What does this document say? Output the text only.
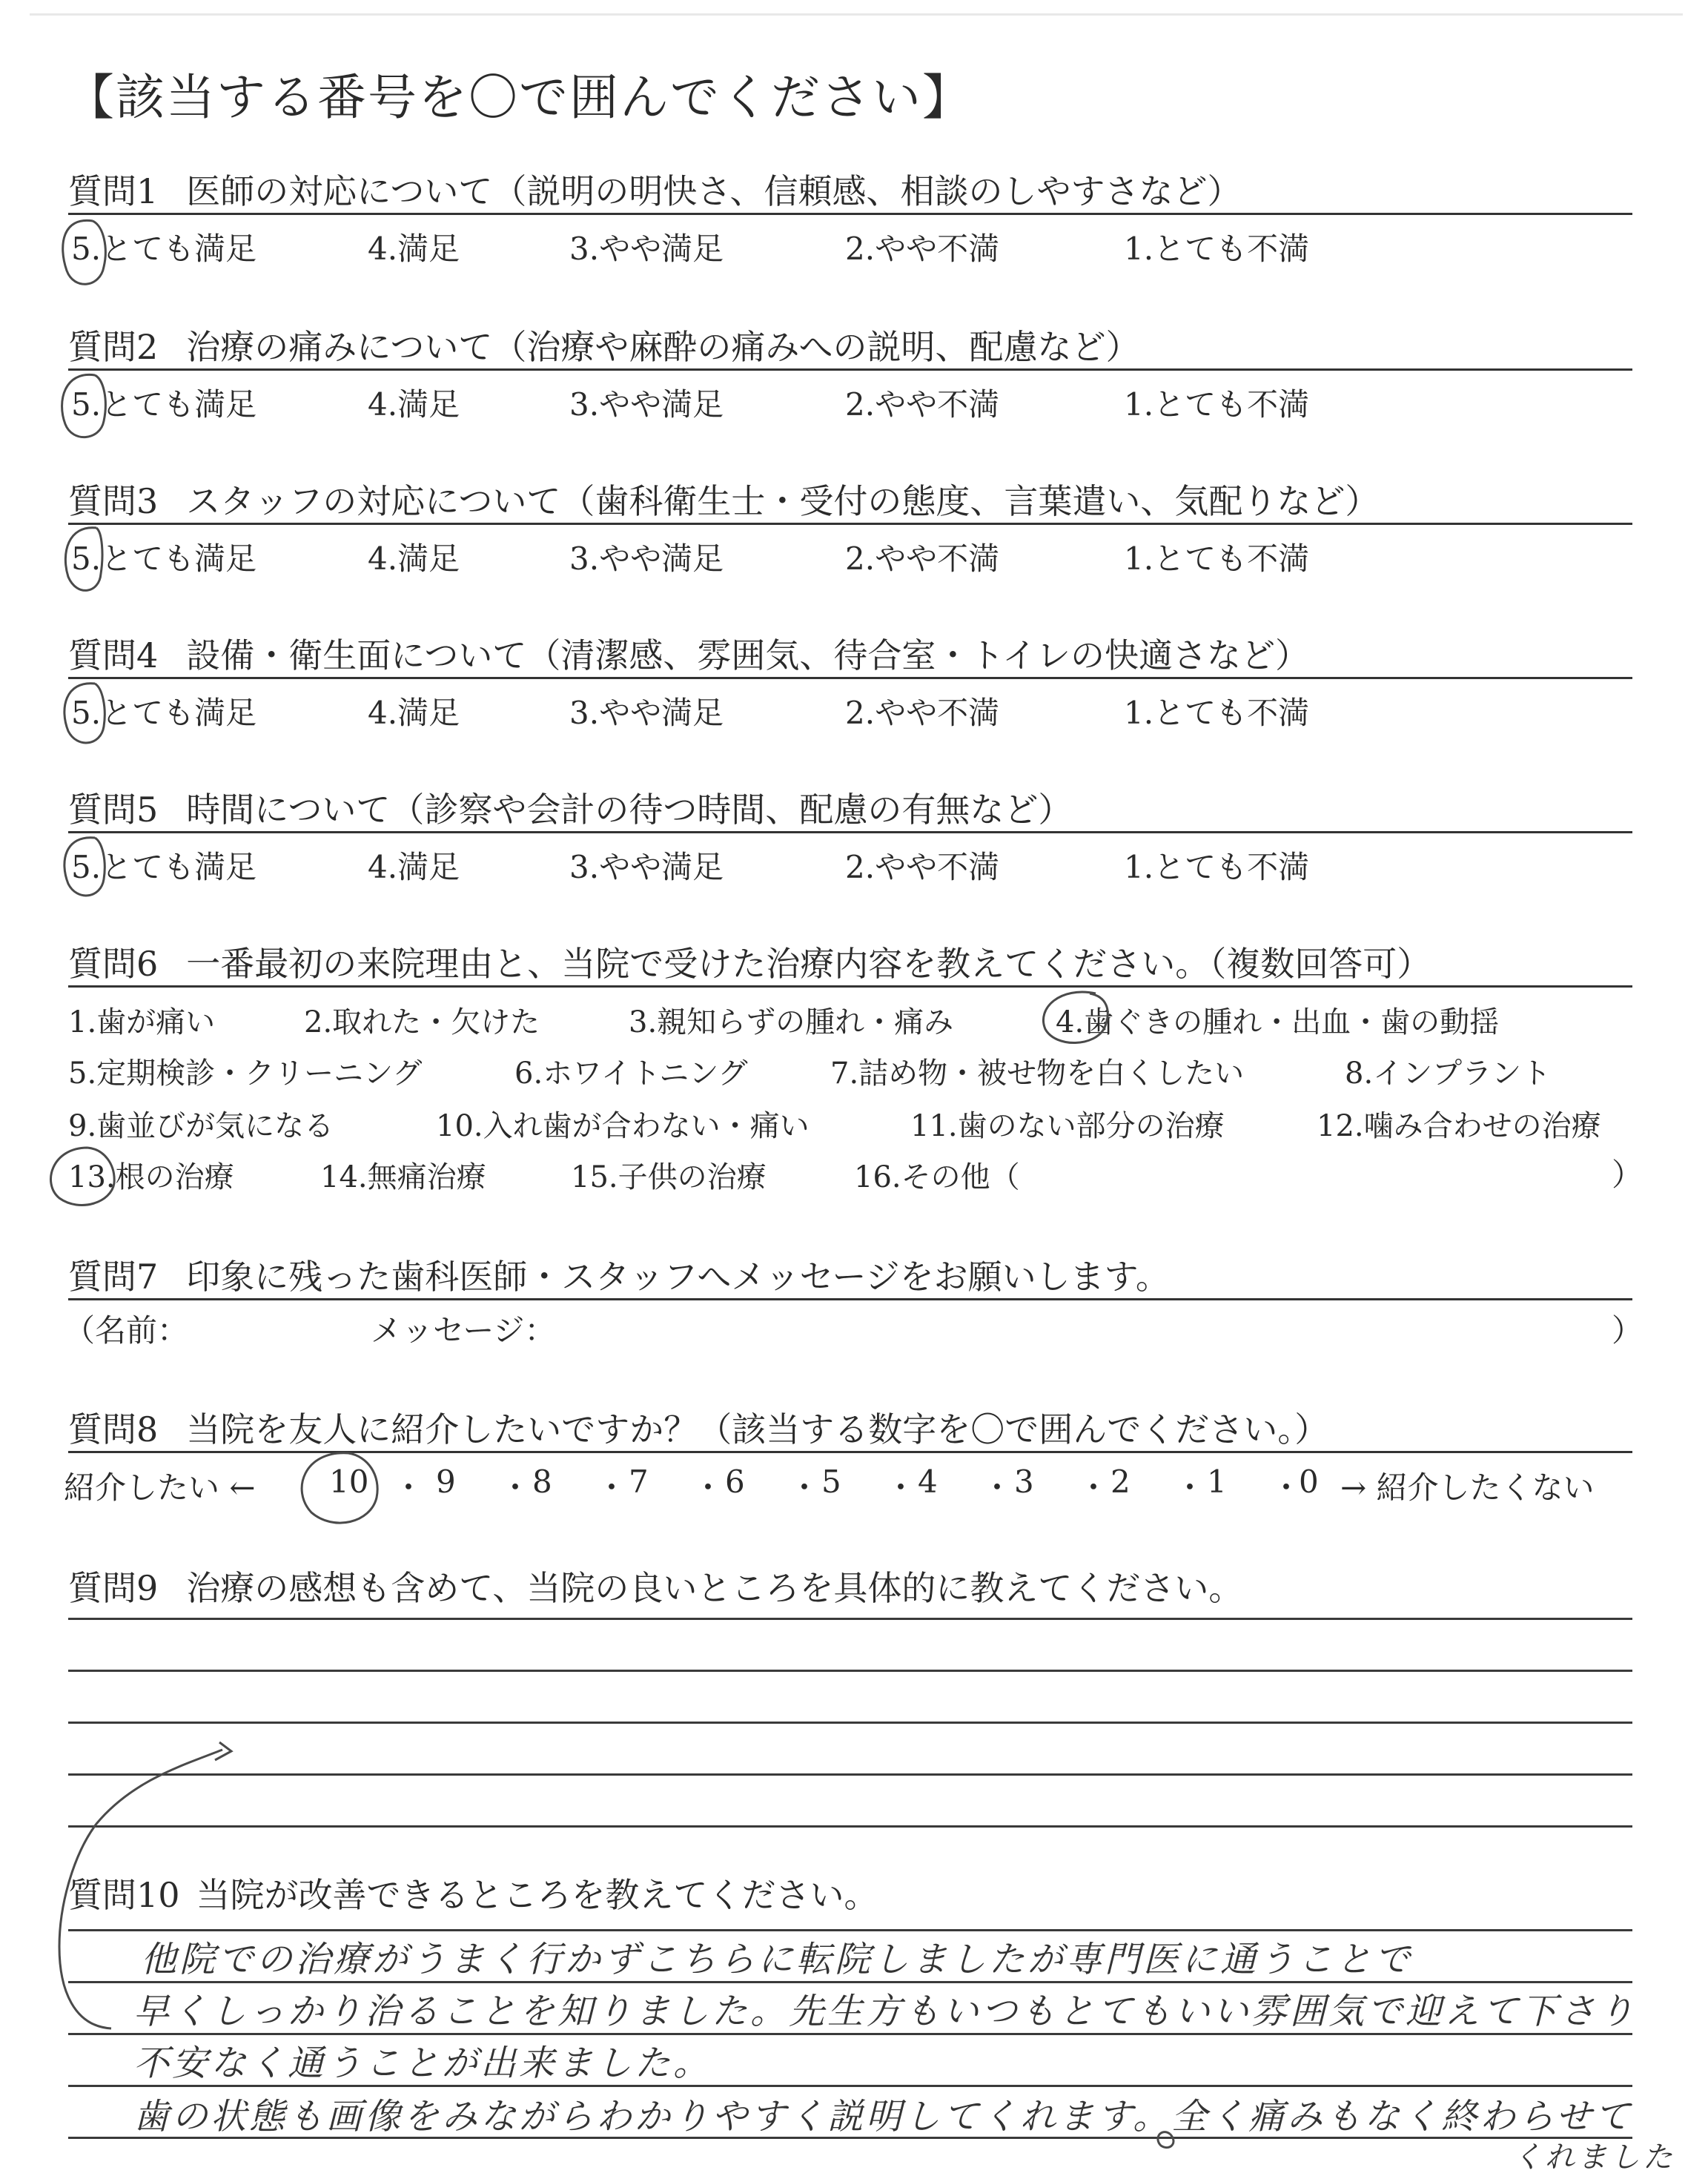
【該当する番号を〇で囲んでください】
質問1 医師の対応について（説明の明快さ、信頼感、相談のしやすさなど）
5.とても満足	4.満足	3.やや満足	2.やや不満	1.とても不満
質問2 治療の痛みについて（治療や麻酔の痛みへの説明、配慮など）
5.とても満足	4.満足	3.やや満足	2.やや不満	1.とても不満
質問3 スタッフの対応について（歯科衛生士・受付の態度、言葉遣い、気配りなど）
5.とても満足	4.満足	3.やや満足	2.やや不満	1.とても不満
質問4 設備・衛生面について（清潔感、雰囲気、待合室・トイレの快適さなど）
5.とても満足	4.満足	3.やや満足	2.やや不満	1.とても不満
質問5 時間について（診察や会計の待つ時間、配慮の有無など）
5.とても満足	4.満足	3.やや満足	2.やや不満	1.とても不満
質問6 一番最初の来院理由と、当院で受けた治療内容を教えてください。（複数回答可）
1.歯が痛い	2.取れた・欠けた	3.親知らずの腫れ・痛み	4.歯ぐきの腫れ・出血・歯の動揺
5.定期検診・クリーニング	6.ホワイトニング	7.詰め物・被せ物を白くしたい	8.インプラント
9.歯並びが気になる	10.入れ歯が合わない・痛い	11.歯のない部分の治療	12.噛み合わせの治療
13.根の治療	14.無痛治療	15.子供の治療	16.その他（	）
質問7 印象に残った歯科医師・スタッフへメッセージをお願いします。
（名前：	メッセージ：	）
質問8 当院を友人に紹介したいですか？（該当する数字を〇で囲んでください。）
紹介したい ← 10 ・ 9 ・ 8 ・ 7 ・ 6 ・ 5 ・ 4 ・ 3 ・ 2 ・ 1 ・
0 → 紹介したくない
質問9 治療の感想も含めて、当院の良いところを具体的に教えてください。
質問10 当院が改善できるところを教えてください。
他院での治療がうまく行かずこちらに転院しましたが専門医に通うことで
早くしっかり治ることを知りました。先生方もいつもとてもいい雰囲気で迎えて下さり
不安なく通うことが出来ました。
歯の状態も画像をみながらわかりやすく説明してくれます。全く痛みもなく終わらせて
くれました
